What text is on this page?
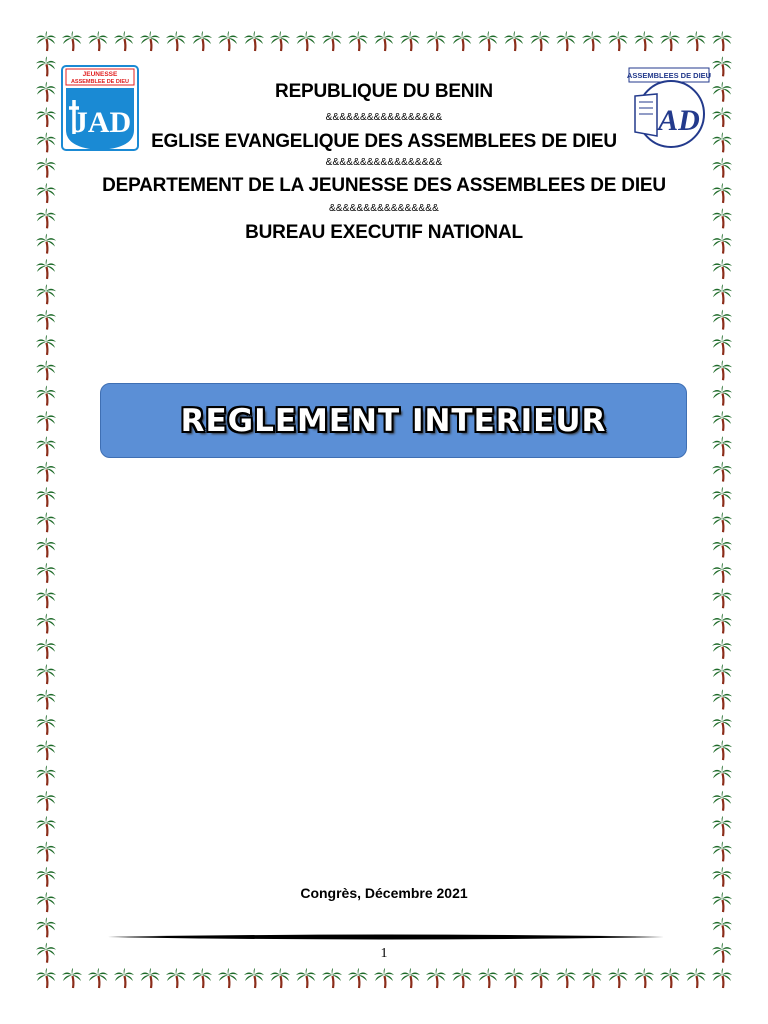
JEUNESSE
ASSEMBLEE DE DIEU
JAD
ASSEMBLEES DE DIEU
AD
REPUBLIQUE DU BENIN
&&&&&&&&&&&&&&&&&
EGLISE EVANGELIQUE DES ASSEMBLEES DE DIEU
&&&&&&&&&&&&&&&&&
DEPARTEMENT DE LA JEUNESSE DES ASSEMBLEES DE DIEU
&&&&&&&&&&&&&&&&
BUREAU EXECUTIF NATIONAL
REGLEMENT INTERIEUR
Congrès, Décembre 2021
1
